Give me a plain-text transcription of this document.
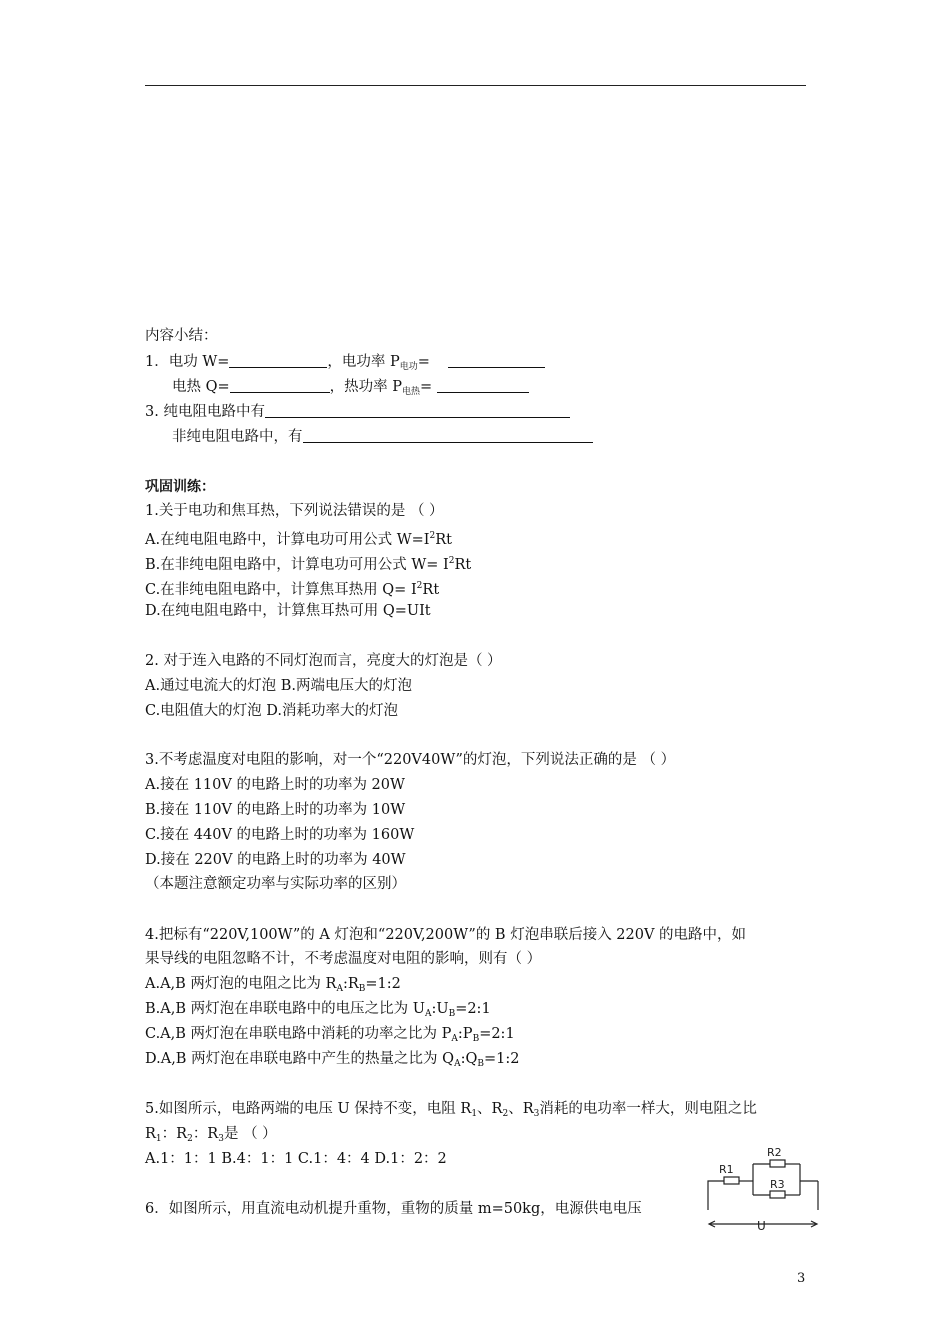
内容小结：
1．电功 W=	，电功率 $P_{电功}=$
电热 Q=	，热功率 $P_{电热}=$
3. 纯电阻电路中有
非纯电阻电路中，有
巩固训练：
1.关于电功和焦耳热，下列说法错误的是 （ ）
A.在纯电阻电路中，计算电功可用公式 $W=I^2Rt$
B.在非纯电阻电路中，计算电功可用公式 $W= I^2Rt$
C.在非纯电阻电路中，计算焦耳热用 $Q= I^2Rt$
D.在纯电阻电路中，计算焦耳热可用 Q=UIt
2. 对于连入电路的不同灯泡而言，亮度大的灯泡是（ ）
A.通过电流大的灯泡 B.两端电压大的灯泡
C.电阻值大的灯泡 D.消耗功率大的灯泡
3.不考虑温度对电阻的影响，对一个“220V40W”的灯泡，下列说法正确的是 （ ）
A.接在 110V 的电路上时的功率为 20W
B.接在 110V 的电路上时的功率为 10W
C.接在 440V 的电路上时的功率为 160W
D.接在 220V 的电路上时的功率为 40W
（本题注意额定功率与实际功率的区别）
4.把标有“220V,100W”的 A 灯泡和“220V,200W”的 B 灯泡串联后接入 220V 的电路中，如
果导线的电阻忽略不计，不考虑温度对电阻的影响，则有（ ）
A.A,B 两灯泡的电阻之比为 $R_A:R_B=1:2$
B.A,B 两灯泡在串联电路中的电压之比为 $U_A:U_B=2:1$
C.A,B 两灯泡在串联电路中消耗的功率之比为 $P_A:P_B=2:1$
D.A,B 两灯泡在串联电路中产生的热量之比为 $Q_A:Q_B=1:2$
5.如图所示，电路两端的电压 U 保持不变，电阻 $R_1$、$R_2$、$R_3$消耗的电功率一样大，则电阻之比
$R_1$：$R_2$：$R_3$是 （ ）
A.1：1：1 B.4：1：1 C.1：4：4 D.1：2：2
6．如图所示，用直流电动机提升重物，重物的质量 m=50kg，电源供电电压
R1
R2
R3
U
3
